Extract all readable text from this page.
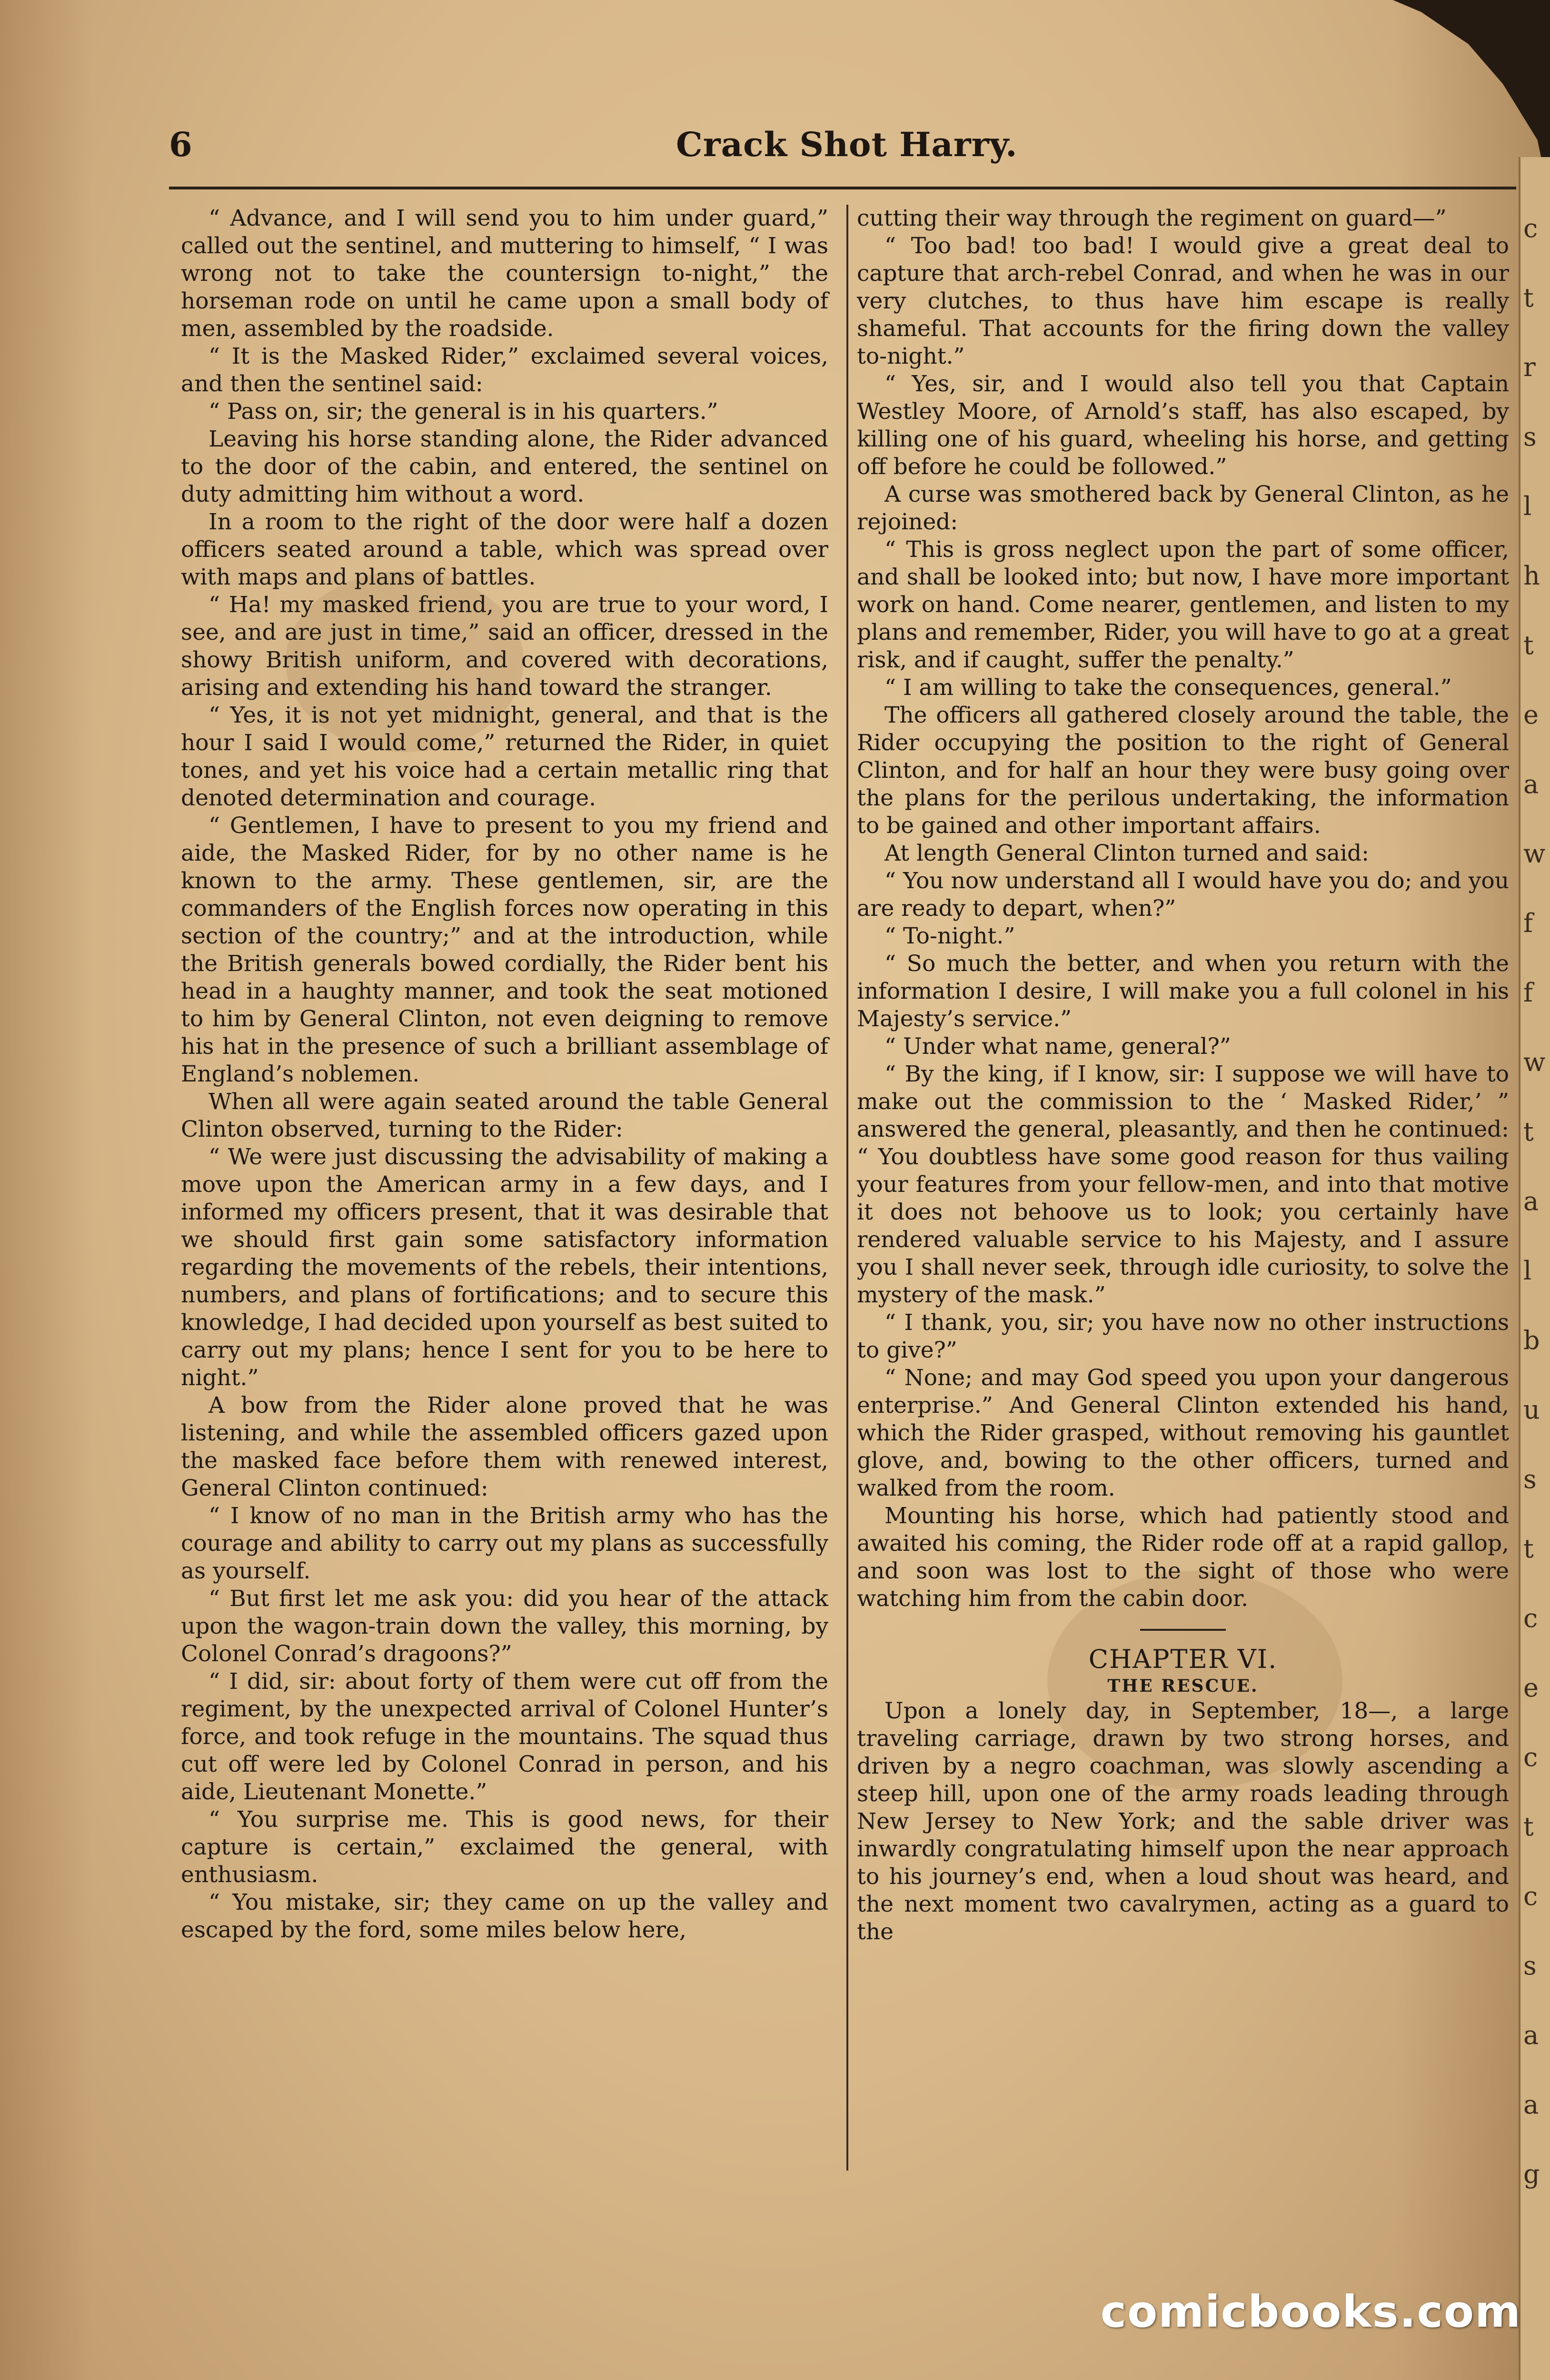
6	Crack Shot Harry.

“ Advance, and I will send you to him under guard,” called out the sentinel, and muttering to himself, “ I was wrong not to take the countersign to-night,” the horseman rode on until he came upon a small body of men, assembled by the roadside.

“ It is the Masked Rider,” exclaimed several voices, and then the sentinel said:

“ Pass on, sir; the general is in his quarters.”

Leaving his horse standing alone, the Rider advanced to the door of the cabin, and entered, the sentinel on duty admitting him without a word.

In a room to the right of the door were half a dozen officers seated around a table, which was spread over with maps and plans of battles.

“ Ha! my masked friend, you are true to your word, I see, and are just in time,” said an officer, dressed in the showy British uniform, and covered with decorations, arising and extending his hand toward the stranger.

“ Yes, it is not yet midnight, general, and that is the hour I said I would come,” returned the Rider, in quiet tones, and yet his voice had a certain metallic ring that denoted determination and courage.

“ Gentlemen, I have to present to you my friend and aide, the Masked Rider, for by no other name is he known to the army. These gentlemen, sir, are the commanders of the English forces now operating in this section of the country;” and at the introduction, while the British generals bowed cordially, the Rider bent his head in a haughty manner, and took the seat motioned to him by General Clinton, not even deigning to remove his hat in the presence of such a brilliant assemblage of England’s noblemen.

When all were again seated around the table General Clinton observed, turning to the Rider:

“ We were just discussing the advisability of making a move upon the American army in a few days, and I informed my officers present, that it was desirable that we should first gain some satisfactory information regarding the movements of the rebels, their intentions, numbers, and plans of fortifications; and to secure this knowledge, I had decided upon yourself as best suited to carry out my plans; hence I sent for you to be here to night.”

A bow from the Rider alone proved that he was listening, and while the assembled officers gazed upon the masked face before them with renewed interest, General Clinton continued:

“ I know of no man in the British army who has the courage and ability to carry out my plans as successfully as yourself.

“ But first let me ask you: did you hear of the attack upon the wagon-train down the valley, this morning, by Colonel Conrad’s dragoons?”

“ I did, sir: about forty of them were cut off from the regiment, by the unexpected arrival of Colonel Hunter’s force, and took refuge in the mountains. The squad thus cut off were led by Colonel Conrad in person, and his aide, Lieutenant Monette.”

“ You surprise me. This is good news, for their capture is certain,” exclaimed the general, with enthusiasm.

“ You mistake, sir; they came on up the valley and escaped by the ford, some miles below here,

cutting their way through the regiment on guard—”

“ Too bad! too bad! I would give a great deal to capture that arch-rebel Conrad, and when he was in our very clutches, to thus have him escape is really shameful. That accounts for the firing down the valley to-night.”

“ Yes, sir, and I would also tell you that Captain Westley Moore, of Arnold’s staff, has also escaped, by killing one of his guard, wheeling his horse, and getting off before he could be followed.”

A curse was smothered back by General Clinton, as he rejoined:

“ This is gross neglect upon the part of some officer, and shall be looked into; but now, I have more important work on hand. Come nearer, gentlemen, and listen to my plans and remember, Rider, you will have to go at a great risk, and if caught, suffer the penalty.”

“ I am willing to take the consequences, general.”

The officers all gathered closely around the table, the Rider occupying the position to the right of General Clinton, and for half an hour they were busy going over the plans for the perilous undertaking, the information to be gained and other important affairs.

At length General Clinton turned and said:

“ You now understand all I would have you do; and you are ready to depart, when?”

“ To-night.”

“ So much the better, and when you return with the information I desire, I will make you a full colonel in his Majesty’s service.”

“ Under what name, general?”

“ By the king, if I know, sir: I suppose we will have to make out the commission to the ‘ Masked Rider,’ ” answered the general, pleasantly, and then he continued: “ You doubtless have some good reason for thus vailing your features from your fellow-men, and into that motive it does not behoove us to look; you certainly have rendered valuable service to his Majesty, and I assure you I shall never seek, through idle curiosity, to solve the mystery of the mask.”

“ I thank, you, sir; you have now no other instructions to give?”

“ None; and may God speed you upon your dangerous enterprise.” And General Clinton extended his hand, which the Rider grasped, without removing his gauntlet glove, and, bowing to the other officers, turned and walked from the room.

Mounting his horse, which had patiently stood and awaited his coming, the Rider rode off at a rapid gallop, and soon was lost to the sight of those who were watching him from the cabin door.

CHAPTER VI.

THE RESCUE.

Upon a lonely day, in September, 18—, a large traveling carriage, drawn by two strong horses, and driven by a negro coachman, was slowly ascending a steep hill, upon one of the army roads leading through New Jersey to New York; and the sable driver was inwardly congratulating himself upon the near approach to his journey’s end, when a loud shout was heard, and the next moment two cavalrymen, acting as a guard to the

c
t
r
s
l
h
t
e
a
w
f
f
w
t
a
l
b
u
s
t
c
e
c
t
c
s
a
a
g
comicbooks.com
